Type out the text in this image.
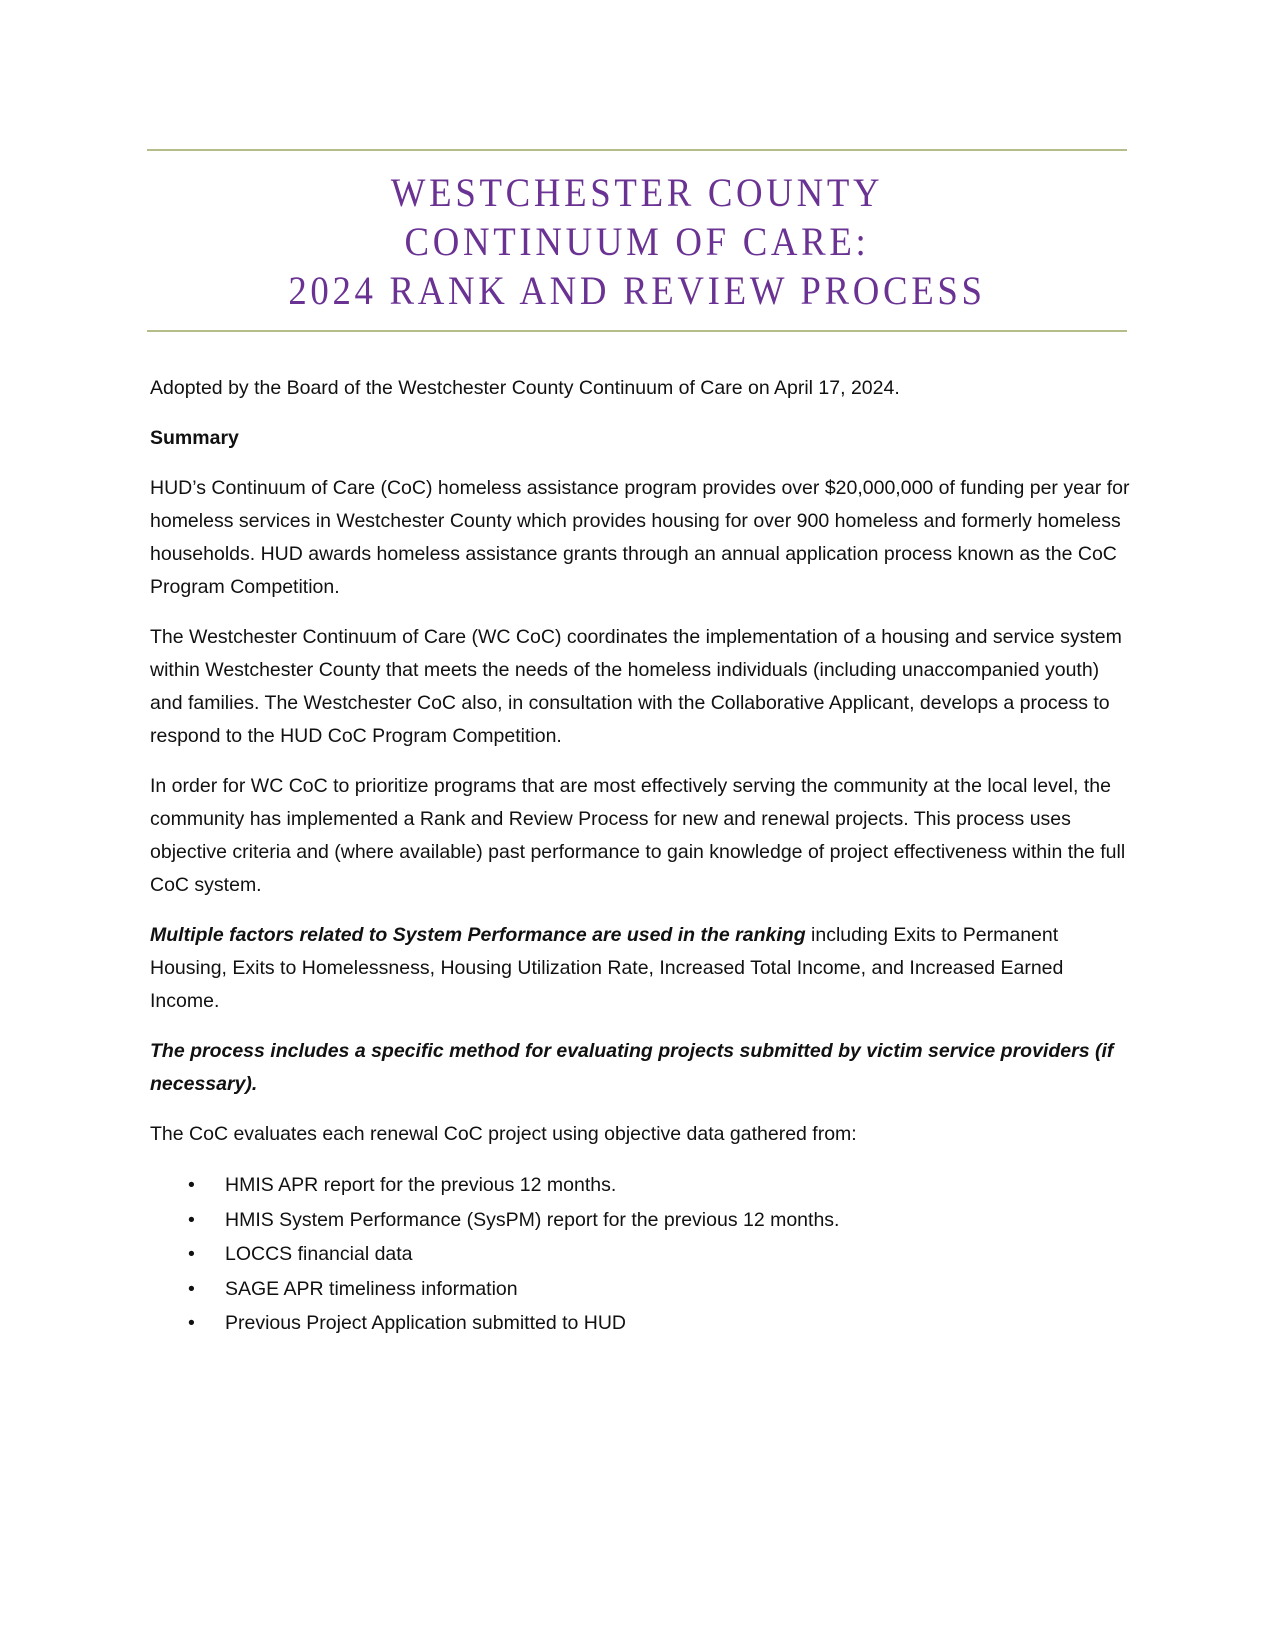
WESTCHESTER COUNTY
CONTINUUM OF CARE:
2024 RANK AND REVIEW PROCESS

Adopted by the Board of the Westchester County Continuum of Care on April 17, 2024.

Summary

HUD’s Continuum of Care (CoC) homeless assistance program provides over $20,000,000 of funding per year for homeless services in Westchester County which provides housing for over 900 homeless and formerly homeless households. HUD awards homeless assistance grants through an annual application process known as the CoC Program Competition.

The Westchester Continuum of Care (WC CoC) coordinates the implementation of a housing and service system within Westchester County that meets the needs of the homeless individuals (including unaccompanied youth) and families. The Westchester CoC also, in consultation with the Collaborative Applicant, develops a process to respond to the HUD CoC Program Competition.

In order for WC CoC to prioritize programs that are most effectively serving the community at the local level, the community has implemented a Rank and Review Process for new and renewal projects. This process uses objective criteria and (where available) past performance to gain knowledge of project effectiveness within the full CoC system.

Multiple factors related to System Performance are used in the ranking including Exits to Permanent Housing, Exits to Homelessness, Housing Utilization Rate, Increased Total Income, and Increased Earned Income.

The process includes a specific method for evaluating projects submitted by victim service providers (if necessary).

The CoC evaluates each renewal CoC project using objective data gathered from:

• HMIS APR report for the previous 12 months.
• HMIS System Performance (SysPM) report for the previous 12 months.
• LOCCS financial data
• SAGE APR timeliness information
• Previous Project Application submitted to HUD
